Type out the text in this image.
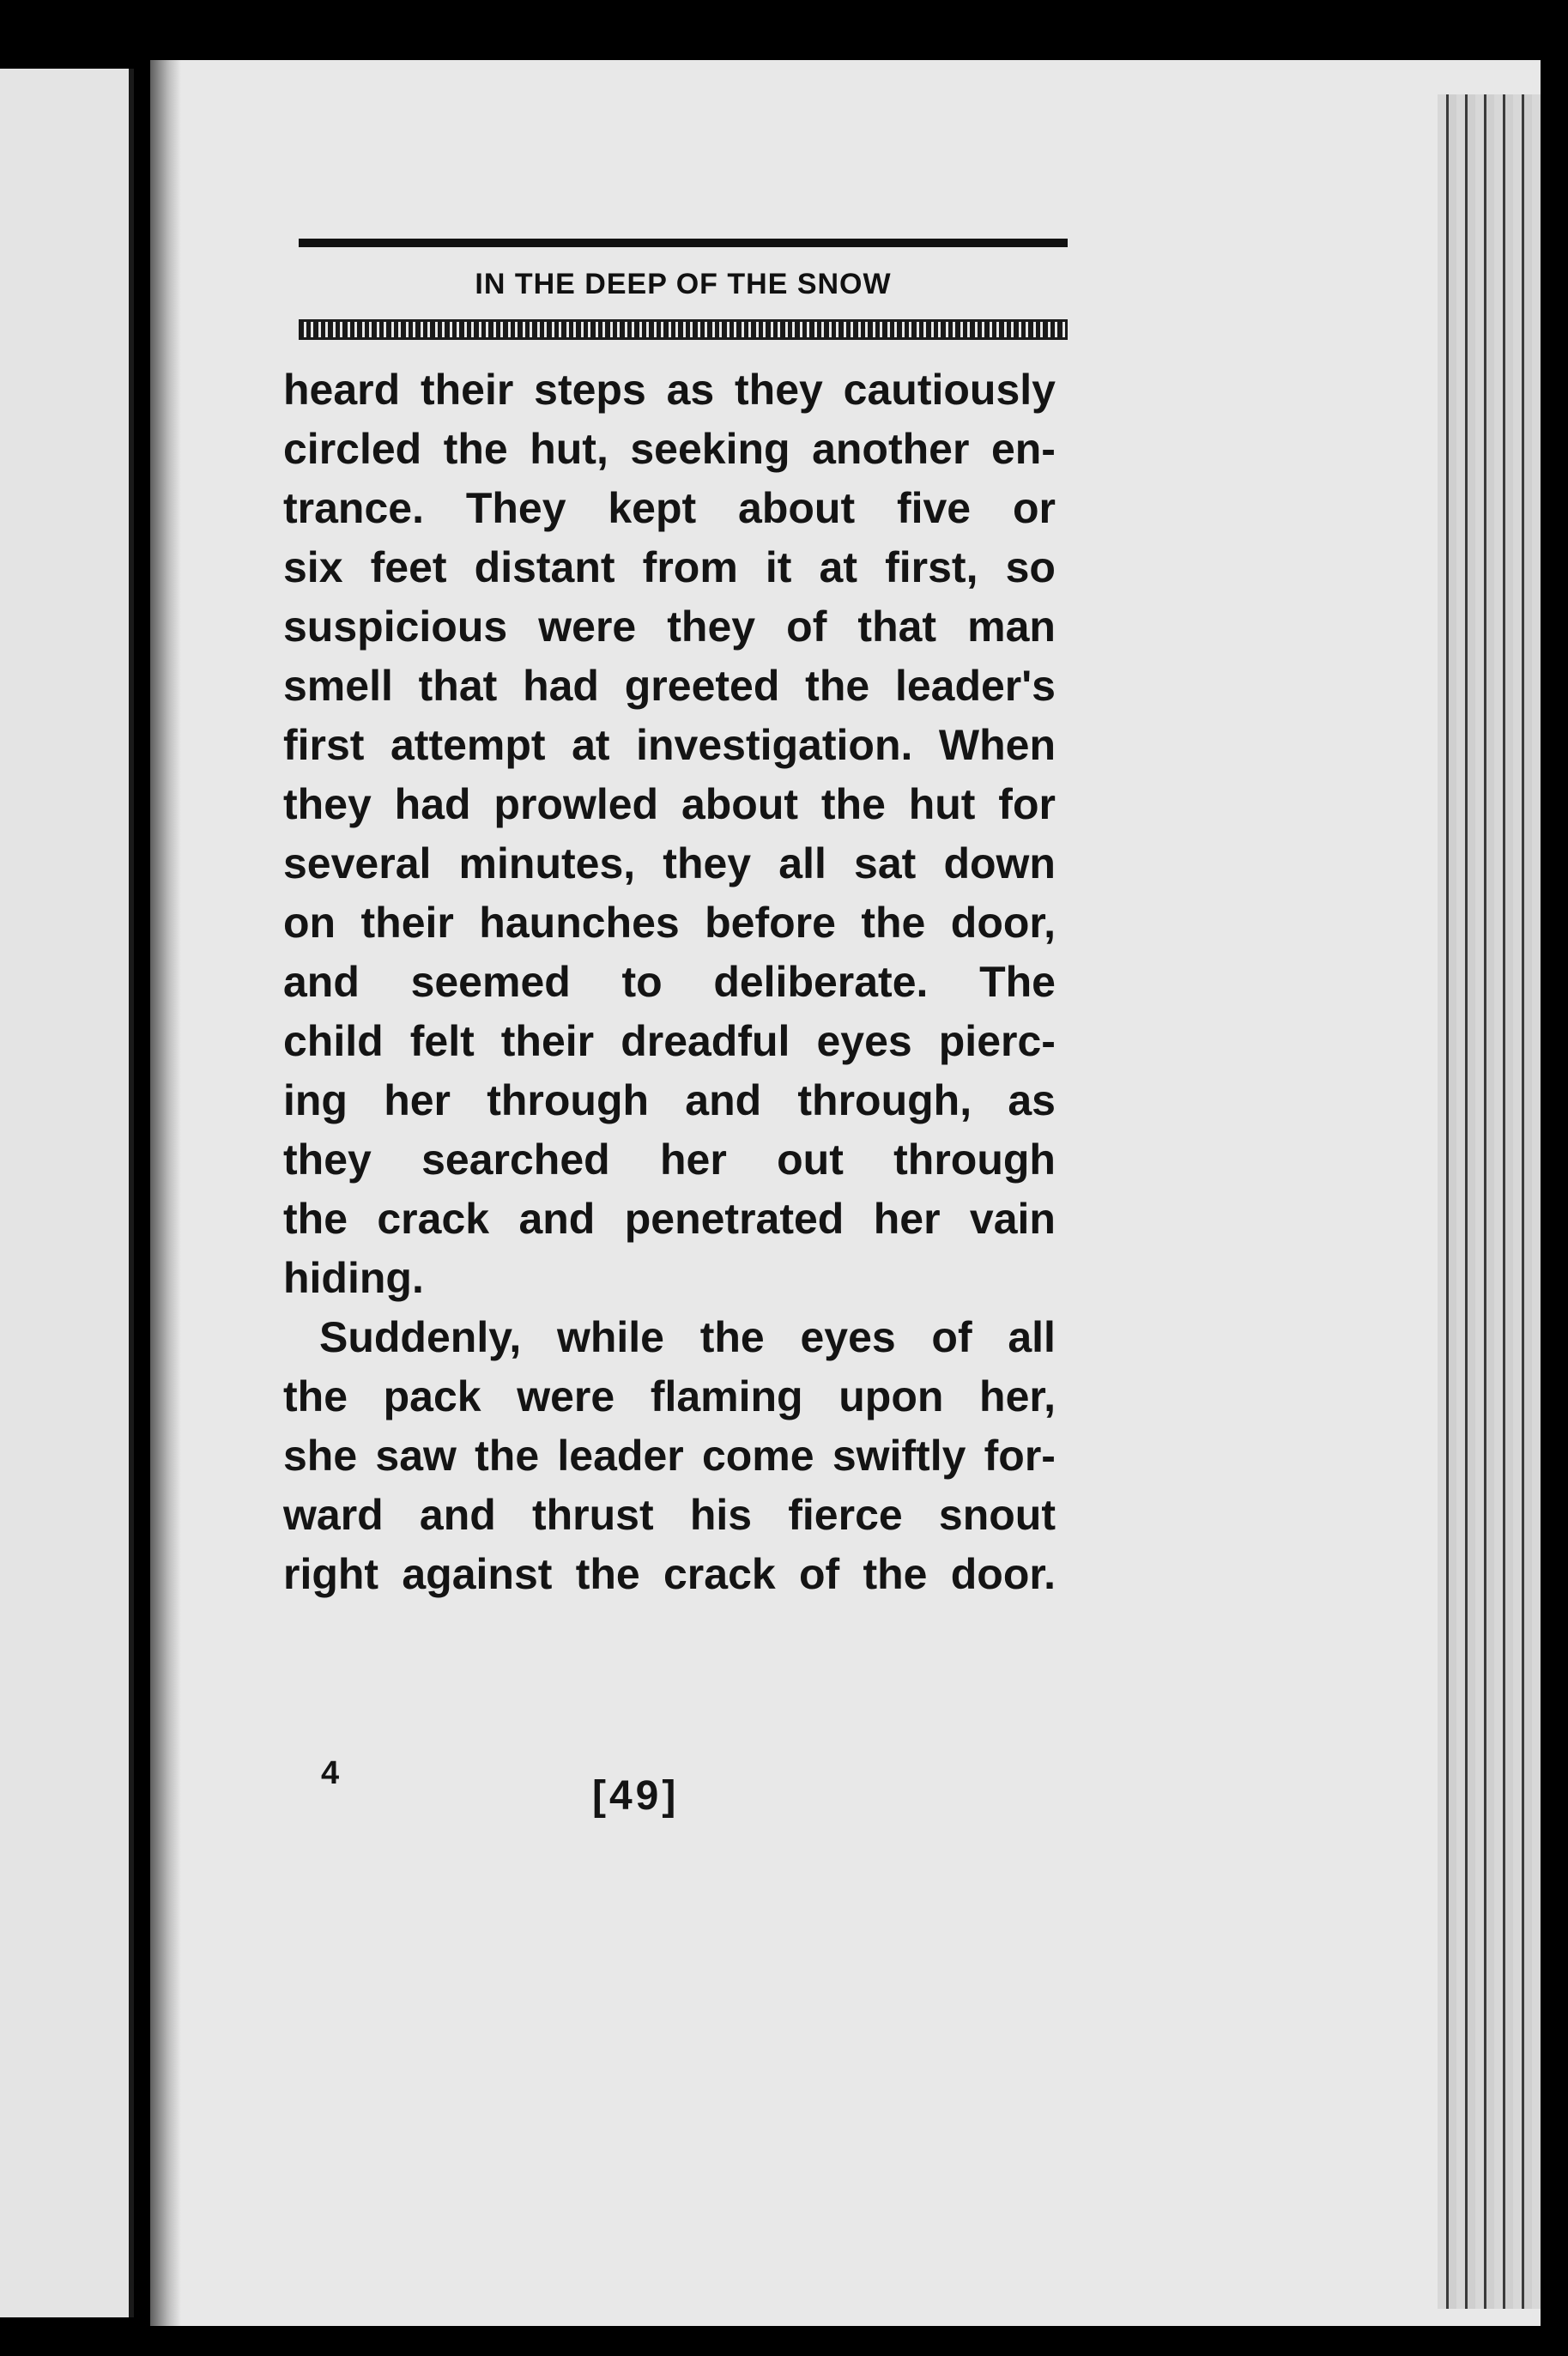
IN THE DEEP OF THE SNOW
heard their steps as they cautiously
circled the hut, seeking another en-
trance. They kept about five or
six feet distant from it at first, so
suspicious were they of that man
smell that had greeted the leader's
first attempt at investigation. When
they had prowled about the hut for
several minutes, they all sat down
on their haunches before the door,
and seemed to deliberate. The
child felt their dreadful eyes pierc-
ing her through and through, as
they searched her out through
the crack and penetrated her vain
hiding.
Suddenly, while the eyes of all
the pack were flaming upon her,
she saw the leader come swiftly for-
ward and thrust his fierce snout
right against the crack of the door.
4	[49]
